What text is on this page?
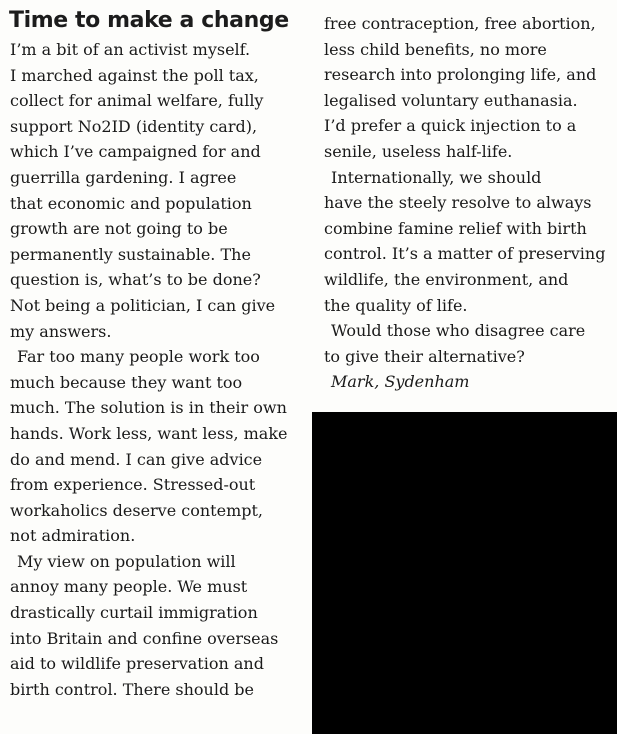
Time to make a change
I’m a bit of an activist myself.
I marched against the poll tax,
collect for animal welfare, fully
support No2ID (identity card),
which I’ve campaigned for and
guerrilla gardening. I agree
that economic and population
growth are not going to be
permanently sustainable. The
question is, what’s to be done?
Not being a politician, I can give
my answers.
Far too many people work too
much because they want too
much. The solution is in their own
hands. Work less, want less, make
do and mend. I can give advice
from experience. Stressed-out
workaholics deserve contempt,
not admiration.
My view on population will
annoy many people. We must
drastically curtail immigration
into Britain and confine overseas
aid to wildlife preservation and
birth control. There should be
free contraception, free abortion,
less child benefits, no more
research into prolonging life, and
legalised voluntary euthanasia.
I’d prefer a quick injection to a
senile, useless half-life.
Internationally, we should
have the steely resolve to always
combine famine relief with birth
control. It’s a matter of preserving
wildlife, the environment, and
the quality of life.
Would those who disagree care
to give their alternative?
Mark, Sydenham
